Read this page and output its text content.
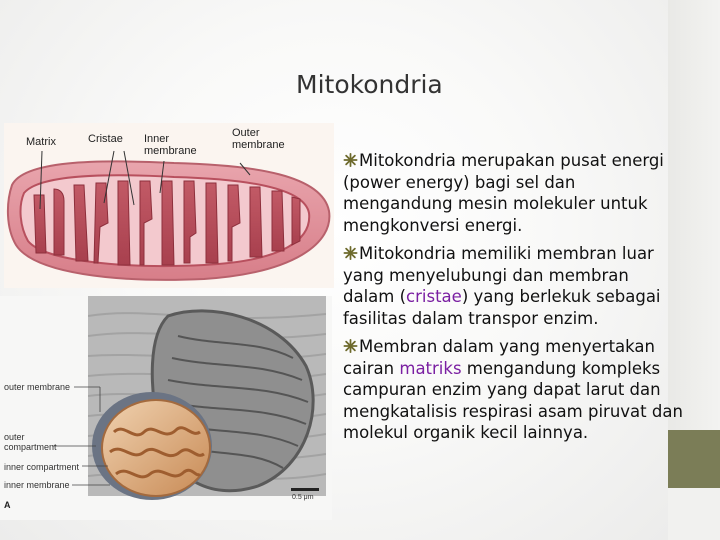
Mitokondria
Matrix	Cristae Inner
membrane
Outer
membrane
0.5 μm
outer membrane
outer
compartment
inner compartment
inner membrane
A
Mitokondria merupakan pusat energi (power energy) bagi sel dan mengandung mesin molekuler untuk mengkonversi energi.
Mitokondria memiliki membran luar yang menyelubungi dan membran dalam (cristae) yang berlekuk sebagai fasilitas dalam transpor enzim.
Membran dalam yang menyertakan cairan matriks mengandung kompleks campuran enzim yang dapat larut dan mengkatalisis respirasi asam piruvat dan molekul organik kecil lainnya.
